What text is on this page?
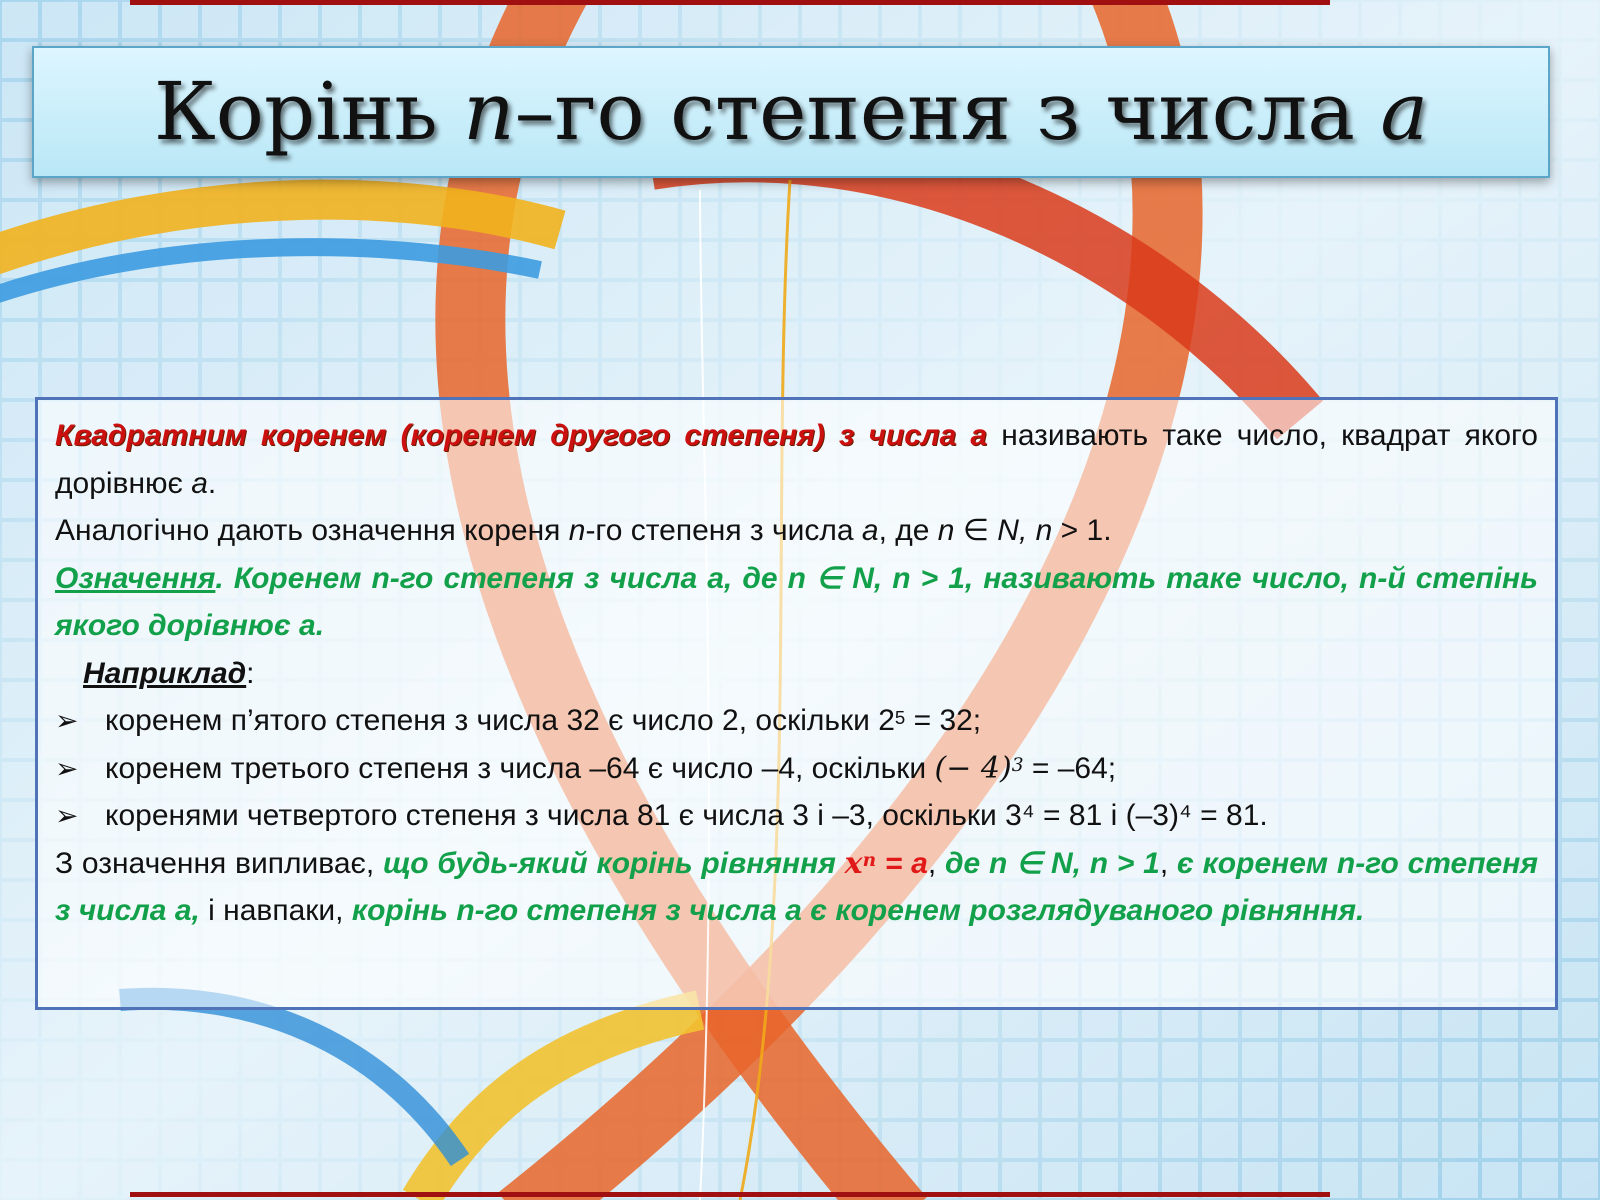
Корінь n–го степеня з числа a

Квадратним коренем (коренем другого степеня) з числа а називають таке число, квадрат якого дорівнює а.

Аналогічно дають означення кореня n-го степеня з числа а, де n ∈ N, n > 1.

Означення. Коренем n-го степеня з числа а, де n ∈ N, n > 1, називають таке число, n-й степінь якого дорівнює а.

Наприклад:

➢ коренем п’ятого степеня з числа 32 є число 2, оскільки $2^5 = 32$;
➢ коренем третього степеня з числа –64 є число –4, оскільки (− 4)$^3$ = –64;
➢ коренями четвертого степеня з числа 81 є числа 3 і –3, оскільки 3⁴ = 81 і (–3)⁴ = 81.

З означення випливає, що будь-який корінь рівняння $x^n = а$, де n ∈ N, n > 1, є коренем n-го степеня з числа а, і навпаки, корінь n-го степеня з числа а є коренем розглядуваного рівняння.
